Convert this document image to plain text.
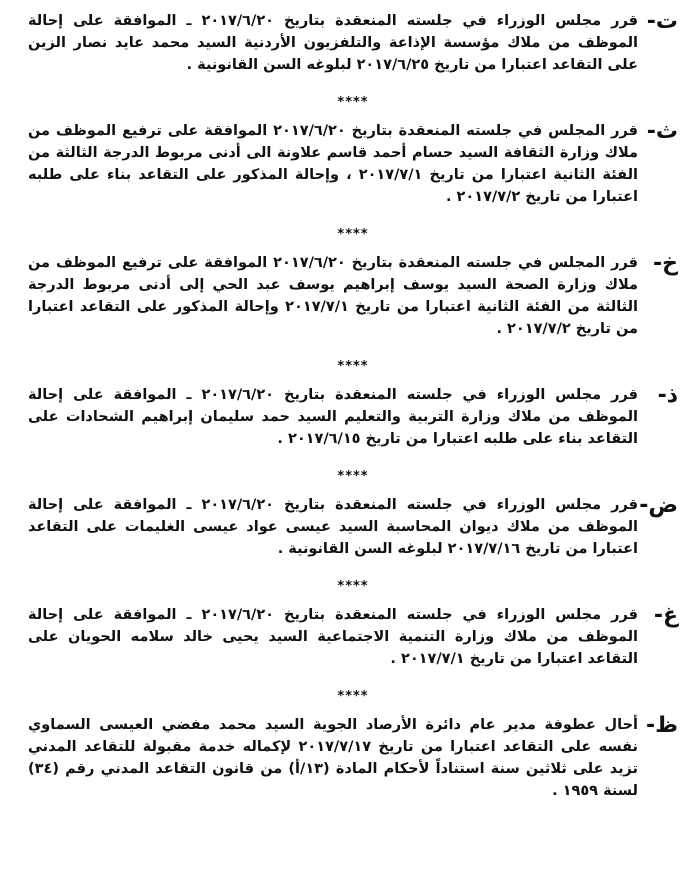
ت-
قرر مجلس الوزراء في جلسته المنعقدة بتاريخ ٢٠١٧/٦/٢٠ ـ الموافقة على إحالة الموظف من ملاك مؤسسة الإذاعة والتلفزيون الأردنية السيد محمد عايد نصار الزين على التقاعد اعتبارا من تاريخ ٢٠١٧/٦/٢٥ لبلوغه السن القانونية .
****
ث-
قرر المجلس في جلسته المنعقدة بتاريخ ٢٠١٧/٦/٢٠ الموافقة على ترفيع الموظف من ملاك وزارة الثقافة السيد حسام أحمد قاسم علاونة الى أدنى مربوط الدرجة الثالثة من الفئة الثانية اعتبارا من تاريخ ٢٠١٧/٧/١ ، وإحالة المذكور على التقاعد بناء على طلبه اعتبارا من تاريخ ٢٠١٧/٧/٢ .
****
خ-
قرر المجلس في جلسته المنعقدة بتاريخ ٢٠١٧/٦/٢٠ الموافقة على ترفيع الموظف من ملاك وزارة الصحة السيد يوسف إبراهيم يوسف عبد الحي إلى أدنى مربوط الدرجة الثالثة من الفئة الثانية اعتبارا من تاريخ ٢٠١٧/٧/١ وإحالة المذكور على التقاعد اعتبارا من تاريخ ٢٠١٧/٧/٢ .
****
ذ-
قرر مجلس الوزراء في جلسته المنعقدة بتاريخ ٢٠١٧/٦/٢٠ ـ الموافقة على إحالة الموظف من ملاك وزارة التربية والتعليم السيد حمد سليمان إبراهيم الشحادات على التقاعد بناء على طلبه اعتبارا من تاريخ ٢٠١٧/٦/١٥ .
****
ض-
قرر مجلس الوزراء في جلسته المنعقدة بتاريخ ٢٠١٧/٦/٢٠ ـ الموافقة على إحالة الموظف من ملاك ديوان المحاسبة السيد عيسى عواد عيسى الغليمات على التقاعد اعتبارا من تاريخ ٢٠١٧/٧/١٦ لبلوغه السن القانونية .
****
غ-
قرر مجلس الوزراء في جلسته المنعقدة بتاريخ ٢٠١٧/٦/٢٠ ـ الموافقة على إحالة الموظف من ملاك وزارة التنمية الاجتماعية السيد يحيى خالد سلامه الحويان على التقاعد اعتبارا من تاريخ ٢٠١٧/٧/١ .
****
ظ-
أحال عطوفة مدير عام دائرة الأرصاد الجوية السيد محمد مفضي العيسى السماوي نفسه على التقاعد اعتبارا من تاريخ ٢٠١٧/٧/١٧ لإكماله خدمة مقبولة للتقاعد المدني تزيد على ثلاثين سنة استناداً لأحكام المادة (١٣/أ) من قانون التقاعد المدني رقم (٣٤) لسنة ١٩٥٩ .
